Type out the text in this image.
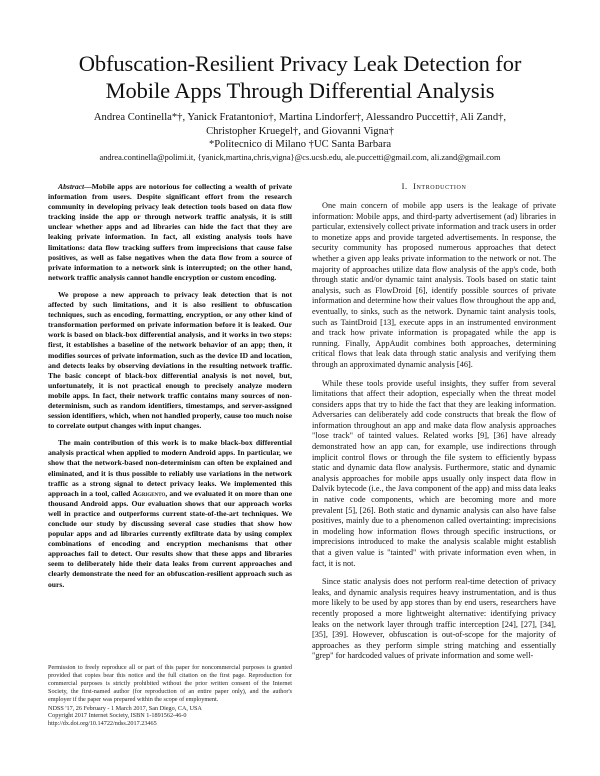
Obfuscation-Resilient Privacy Leak Detection for
Mobile Apps Through Differential Analysis
Andrea Continella*†, Yanick Fratantonio†, Martina Lindorfer†, Alessandro Puccetti†, Ali Zand†,
Christopher Kruegel†, and Giovanni Vigna†
*Politecnico di Milano †UC Santa Barbara
andrea.continella@polimi.it, {yanick,martina,chris,vigna}@cs.ucsb.edu, ale.puccetti@gmail.com, ali.zand@gmail.com

Abstract—Mobile apps are notorious for collecting a wealth of private information from users. Despite significant effort from the research community in developing privacy leak detection tools based on data flow tracking inside the app or through network traffic analysis, it is still unclear whether apps and ad libraries can hide the fact that they are leaking private information. In fact, all existing analysis tools have limitations: data flow tracking suffers from imprecisions that cause false positives, as well as false negatives when the data flow from a source of private information to a network sink is interrupted; on the other hand, network traffic analysis cannot handle encryption or custom encoding.

We propose a new approach to privacy leak detection that is not affected by such limitations, and it is also resilient to obfuscation techniques, such as encoding, formatting, encryption, or any other kind of transformation performed on private information before it is leaked. Our work is based on black-box differential analysis, and it works in two steps: first, it establishes a baseline of the network behavior of an app; then, it modifies sources of private information, such as the device ID and location, and detects leaks by observing deviations in the resulting network traffic. The basic concept of black-box differential analysis is not novel, but, unfortunately, it is not practical enough to precisely analyze modern mobile apps. In fact, their network traffic contains many sources of non-determinism, such as random identifiers, timestamps, and server-assigned session identifiers, which, when not handled properly, cause too much noise to correlate output changes with input changes.

The main contribution of this work is to make black-box differential analysis practical when applied to modern Android apps. In particular, we show that the network-based non-determinism can often be explained and eliminated, and it is thus possible to reliably use variations in the network traffic as a strong signal to detect privacy leaks. We implemented this approach in a tool, called Agrigento, and we evaluated it on more than one thousand Android apps. Our evaluation shows that our approach works well in practice and outperforms current state-of-the-art techniques. We conclude our study by discussing several case studies that show how popular apps and ad libraries currently exfiltrate data by using complex combinations of encoding and encryption mechanisms that other approaches fail to detect. Our results show that these apps and libraries seem to deliberately hide their data leaks from current approaches and clearly demonstrate the need for an obfuscation-resilient approach such as ours.

Permission to freely reproduce all or part of this paper for noncommercial purposes is granted provided that copies bear this notice and the full citation on the first page. Reproduction for commercial purposes is strictly prohibited without the prior written consent of the Internet Society, the first-named author (for reproduction of an entire paper only), and the author's employer if the paper was prepared within the scope of employment.

NDSS '17, 26 February - 1 March 2017, San Diego, CA, USA
Copyright 2017 Internet Society, ISBN 1-1891562-46-0
http://dx.doi.org/10.14722/ndss.2017.23465
I. Introduction

One main concern of mobile app users is the leakage of private information: Mobile apps, and third-party advertisement (ad) libraries in particular, extensively collect private information and track users in order to monetize apps and provide targeted advertisements. In response, the security community has proposed numerous approaches that detect whether a given app leaks private information to the network or not. The majority of approaches utilize data flow analysis of the app's code, both through static and/or dynamic taint analysis. Tools based on static taint analysis, such as FlowDroid [6], identify possible sources of private information and determine how their values flow throughout the app and, eventually, to sinks, such as the network. Dynamic taint analysis tools, such as TaintDroid [13], execute apps in an instrumented environment and track how private information is propagated while the app is running. Finally, AppAudit combines both approaches, determining critical flows that leak data through static analysis and verifying them through an approximated dynamic analysis [46].

While these tools provide useful insights, they suffer from several limitations that affect their adoption, especially when the threat model considers apps that try to hide the fact that they are leaking information. Adversaries can deliberately add code constructs that break the flow of information throughout an app and make data flow analysis approaches "lose track" of tainted values. Related works [9], [36] have already demonstrated how an app can, for example, use indirections through implicit control flows or through the file system to efficiently bypass static and dynamic data flow analysis. Furthermore, static and dynamic analysis approaches for mobile apps usually only inspect data flow in Dalvik bytecode (i.e., the Java component of the app) and miss data leaks in native code components, which are becoming more and more prevalent [5], [26]. Both static and dynamic analysis can also have false positives, mainly due to a phenomenon called overtainting: imprecisions in modeling how information flows through specific instructions, or imprecisions introduced to make the analysis scalable might establish that a given value is "tainted" with private information even when, in fact, it is not.

Since static analysis does not perform real-time detection of privacy leaks, and dynamic analysis requires heavy instrumentation, and is thus more likely to be used by app stores than by end users, researchers have recently proposed a more lightweight alternative: identifying privacy leaks on the network layer through traffic interception [24], [27], [34], [35], [39]. However, obfuscation is out-of-scope for the majority of approaches as they perform simple string matching and essentially "grep" for hardcoded values of private information and some well-
